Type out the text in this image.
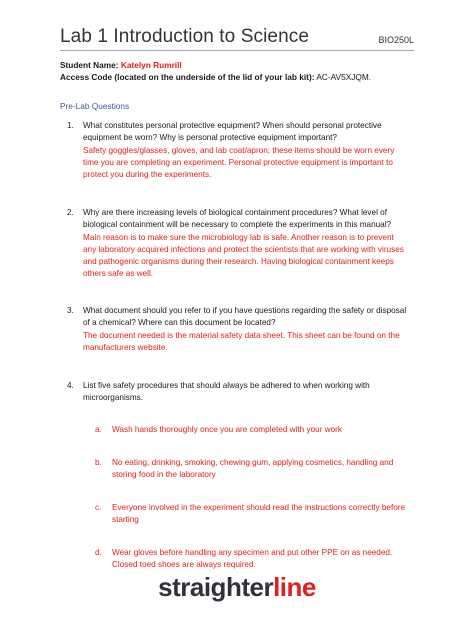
Lab 1 Introduction to Science	BIO250L
Student Name: Katelyn Rumrill
Access Code (located on the underside of the lid of your lab kit): AC-AV5XJQM.
Pre-Lab Questions
1. What constitutes personal protective equipment? When should personal protective equipment be worn? Why is personal protective equipment important?
Safety goggles/glasses, gloves, and lab coat/apron; these items should be worn every time you are completing an experiment. Personal protective equipment is important to protect you during the experiments.
2. Why are there increasing levels of biological containment procedures? What level of biological containment will be necessary to complete the experiments in this manual?
Main reason is to make sure the microbiology lab is safe. Another reason is to prevent any laboratory acquired infections and protect the scientists that are working with viruses and pathogenic organisms during their research. Having biological containment keeps others safe as well.
3. What document should you refer to if you have questions regarding the safety or disposal of a chemical? Where can this document be located?
The document needed is the material safety data sheet. This sheet can be found on the manufacturers website.
4. List five safety procedures that should always be adhered to when working with microorganisms.
a. Wash hands thoroughly once you are completed with your work
b. No eating, drinking, smoking, chewing gum, applying cosmetics, handling and storing food in the laboratory
c. Everyone involved in the experiment should read the instructions correctly before starting
d. Wear gloves before handling any specimen and put other PPE on as needed. Closed toed shoes are always required.
straighterline
